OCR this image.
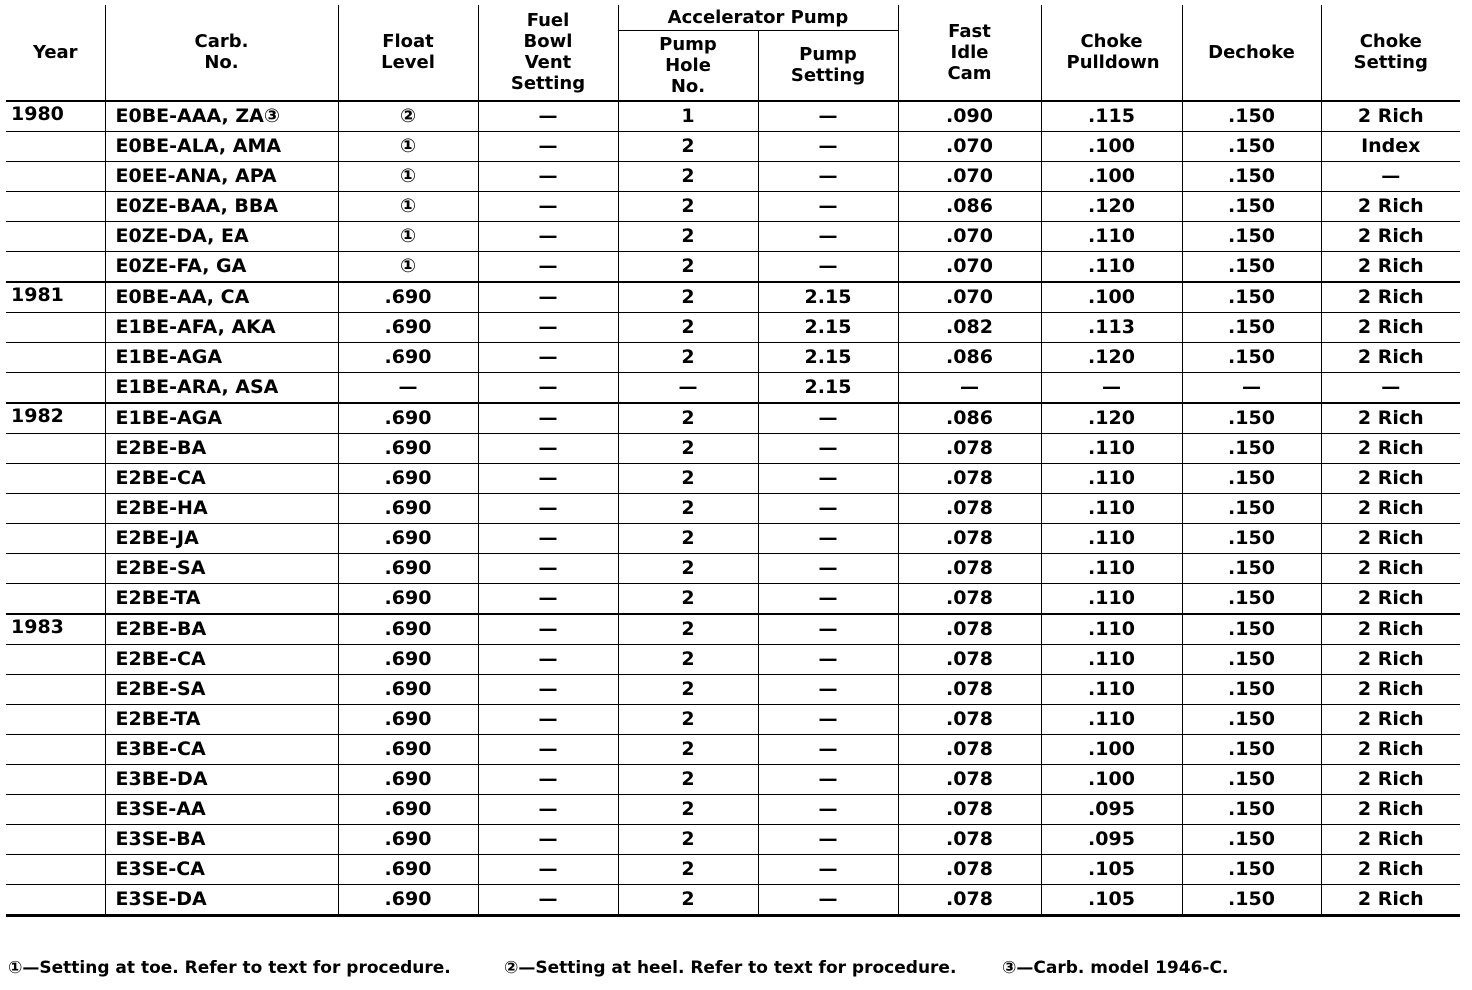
Year	Carb. No.	Float Level	Fuel Bowl Vent Setting	Accelerator Pump		Fast Idle Cam	Choke Pulldown	Dechoke	Choke Setting
				Pump Hole No.	Pump Setting				
1980	E0BE-AAA, ZA③	②	—	1	—	.090	.115	.150	2 Rich
	E0BE-ALA, AMA	①	—	2	—	.070	.100	.150	Index
	E0EE-ANA, APA	①	—	2	—	.070	.100	.150	—
	E0ZE-BAA, BBA	①	—	2	—	.086	.120	.150	2 Rich
	E0ZE-DA, EA	①	—	2	—	.070	.110	.150	2 Rich
	E0ZE-FA, GA	①	—	2	—	.070	.110	.150	2 Rich
1981	E0BE-AA, CA	.690	—	2	2.15	.070	.100	.150	2 Rich
	E1BE-AFA, AKA	.690	—	2	2.15	.082	.113	.150	2 Rich
	E1BE-AGA	.690	—	2	2.15	.086	.120	.150	2 Rich
	E1BE-ARA, ASA	—	—	—	2.15	—	—	—	—
1982	E1BE-AGA	.690	—	2	—	.086	.120	.150	2 Rich
	E2BE-BA	.690	—	2	—	.078	.110	.150	2 Rich
	E2BE-CA	.690	—	2	—	.078	.110	.150	2 Rich
	E2BE-HA	.690	—	2	—	.078	.110	.150	2 Rich
	E2BE-JA	.690	—	2	—	.078	.110	.150	2 Rich
	E2BE-SA	.690	—	2	—	.078	.110	.150	2 Rich
	E2BE-TA	.690	—	2	—	.078	.110	.150	2 Rich
1983	E2BE-BA	.690	—	2	—	.078	.110	.150	2 Rich
	E2BE-CA	.690	—	2	—	.078	.110	.150	2 Rich
	E2BE-SA	.690	—	2	—	.078	.110	.150	2 Rich
	E2BE-TA	.690	—	2	—	.078	.110	.150	2 Rich
	E3BE-CA	.690	—	2	—	.078	.100	.150	2 Rich
	E3BE-DA	.690	—	2	—	.078	.100	.150	2 Rich
	E3SE-AA	.690	—	2	—	.078	.095	.150	2 Rich
	E3SE-BA	.690	—	2	—	.078	.095	.150	2 Rich
	E3SE-CA	.690	—	2	—	.078	.105	.150	2 Rich
	E3SE-DA	.690	—	2	—	.078	.105	.150	2 Rich
①—Setting at toe. Refer to text for procedure.	②—Setting at heel. Refer to text for procedure.	③—Carb. model 1946-C.
